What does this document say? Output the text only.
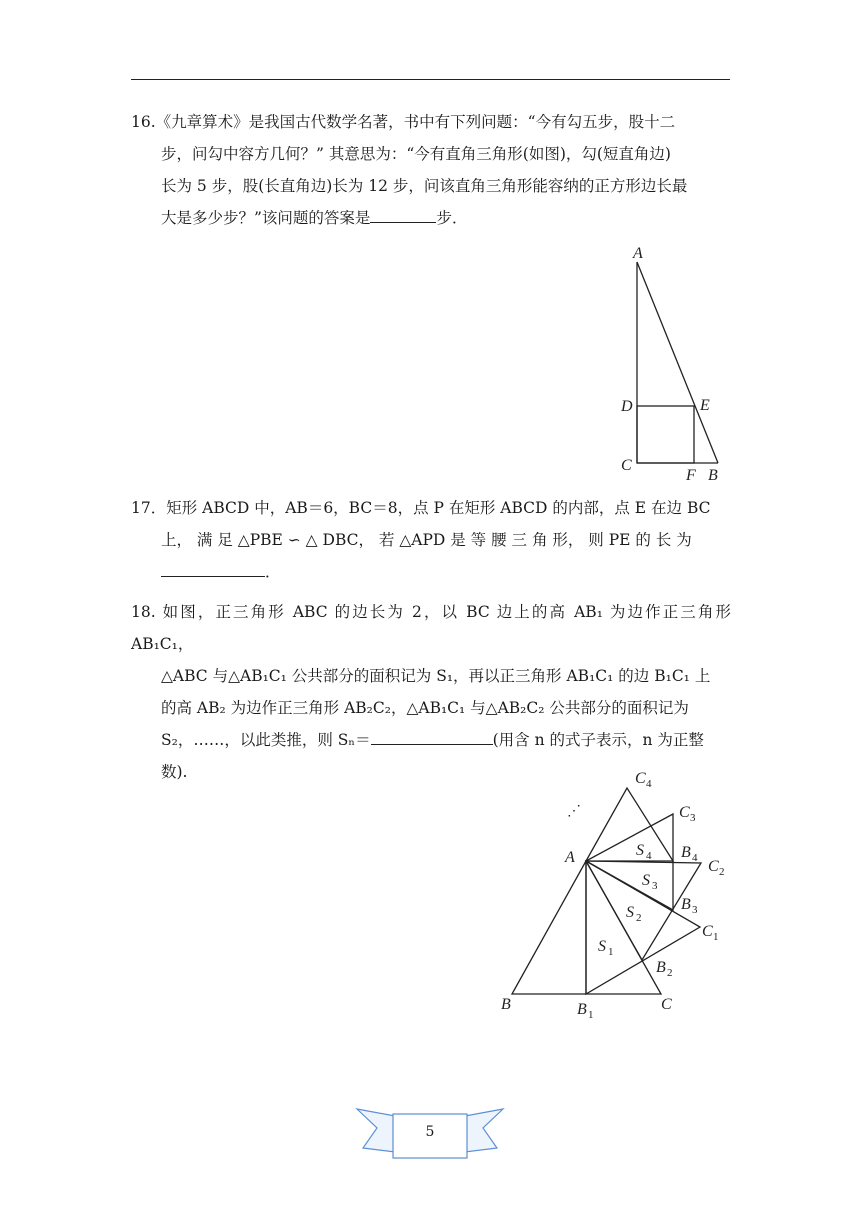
16.《九章算术》是我国古代数学名著，书中有下列问题：“今有勾五步，股十二

步，问勾中容方几何？” 其意思为：“今有直角三角形(如图)，勾(短直角边)

长为 5 步，股(长直角边)长为 12 步，问该直角三角形能容纳的正方形边长最

大是多少步？”该问题的答案是	步．

A
D	E
C
F B

17．矩形 ABCD 中，AB＝6，BC＝8，点 P 在矩形 ABCD 的内部，点 E 在边 BC

上， 满 足 △PBE ∽ △ DBC， 若 △APD 是 等 腰 三 角 形， 则 PE 的 长 为

．

18. 如图，正三角形 ABC 的边长为 2，以 BC 边上的高 AB₁ 为边作正三角形 AB₁C₁，

△ABC 与△AB₁C₁ 公共部分的面积记为 S₁，再以正三角形 AB₁C₁ 的边 B₁C₁ 上

的高 AB₂ 为边作正三角形 AB₂C₂，△AB₁C₁ 与△AB₂C₂ 公共部分的面积记为

S₂，……，以此类推，则 Sₙ＝	(用含 n 的式子表示，n 为正整

数).

⋰
A
B	C
B 1
B 2
B 3
B 4
C 1
C 2
C 3
C 4
S 1
S 2
S 3
S 4
5
